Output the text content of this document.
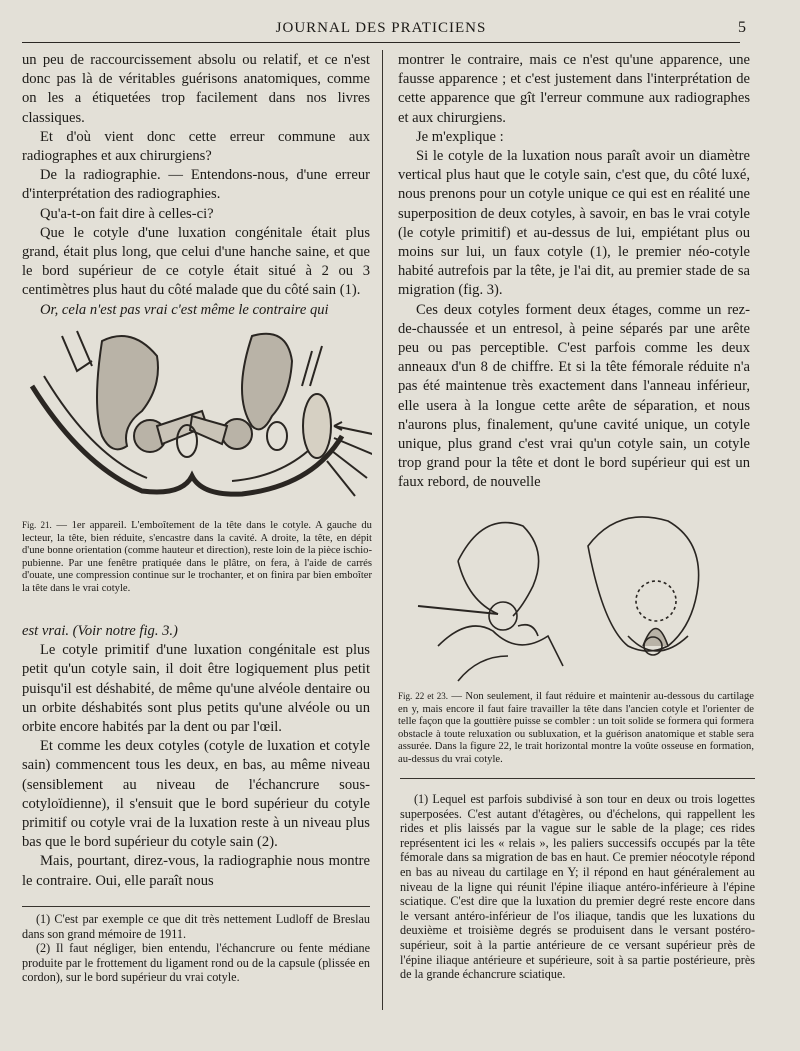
JOURNAL DES PRATICIENS	5

un peu de raccourcissement absolu ou relatif, et ce n'est donc pas là de véritables guérisons anatomiques, comme on les a étiquetées trop facilement dans nos livres classiques.

Et d'où vient donc cette erreur commune aux radiographes et aux chirurgiens?

De la radiographie. — Entendons-nous, d'une erreur d'interprétation des radiographies.

Qu'a-t-on fait dire à celles-ci?

Que le cotyle d'une luxation congénitale était plus grand, était plus long, que celui d'une hanche saine, et que le bord supérieur de ce cotyle était situé à 2 ou 3 centimètres plus haut du côté malade que du côté sain (1).

Or, cela n'est pas vrai c'est même le contraire qui

Fig. 21. — 1er appareil. L'emboîtement de la tête dans le cotyle. A gauche du lecteur, la tête, bien réduite, s'encastre dans la cavité. A droite, la tête, en dépit d'une bonne orientation (comme hauteur et direction), reste loin de la pièce ischio-pubienne. Par une fenêtre pratiquée dans le plâtre, on fera, à l'aide de carrés d'ouate, une compression continue sur le trochanter, et on finira par bien emboîter la tête dans le vrai cotyle.

est vrai. (Voir notre fig. 3.)

Le cotyle primitif d'une luxation congénitale est plus petit qu'un cotyle sain, il doit être logiquement plus petit puisqu'il est déshabité, de même qu'une alvéole dentaire ou un orbite déshabités sont plus petits qu'une alvéole ou un orbite encore habités par la dent ou par l'œil.

Et comme les deux cotyles (cotyle de luxation et cotyle sain) commencent tous les deux, en bas, au même niveau (sensiblement au niveau de l'échancrure sous-cotyloïdienne), il s'ensuit que le bord supérieur du cotyle primitif ou cotyle vrai de la luxation reste à un niveau plus bas que le bord supérieur du cotyle sain (2).

Mais, pourtant, direz-vous, la radiographie nous montre le contraire. Oui, elle paraît nous

(1) C'est par exemple ce que dit très nettement Ludloff de Breslau dans son grand mémoire de 1911.

(2) Il faut négliger, bien entendu, l'échancrure ou fente médiane produite par le frottement du ligament rond ou de la capsule (plissée en cordon), sur le bord supérieur du vrai cotyle.

montrer le contraire, mais ce n'est qu'une apparence, une fausse apparence ; et c'est justement dans l'interprétation de cette apparence que gît l'erreur commune aux radiographes et aux chirurgiens.

Je m'explique :

Si le cotyle de la luxation nous paraît avoir un diamètre vertical plus haut que le cotyle sain, c'est que, du côté luxé, nous prenons pour un cotyle unique ce qui est en réalité une superposition de deux cotyles, à savoir, en bas le vrai cotyle (le cotyle primitif) et au-dessus de lui, empiétant plus ou moins sur lui, un faux cotyle (1), le premier néo-cotyle habité autrefois par la tête, je l'ai dit, au premier stade de sa migration (fig. 3).

Ces deux cotyles forment deux étages, comme un rez-de-chaussée et un entresol, à peine séparés par une arête peu ou pas perceptible. C'est parfois comme les deux anneaux d'un 8 de chiffre. Et si la tête fémorale réduite n'a pas été maintenue très exactement dans l'anneau inférieur, elle usera à la longue cette arête de séparation, et nous n'aurons plus, finalement, qu'une cavité unique, un cotyle unique, plus grand c'est vrai qu'un cotyle sain, un cotyle trop grand pour la tête et dont le bord supérieur qui est un faux rebord, de nouvelle

Fig. 22 et 23. — Non seulement, il faut réduire et maintenir au-dessous du cartilage en y, mais encore il faut faire travailler la tête dans l'ancien cotyle et l'orienter de telle façon que la gouttière puisse se combler : un toit solide se formera qui formera obstacle à toute reluxation ou subluxation, et la guérison anatomique et stable sera assurée. Dans la figure 22, le trait horizontal montre la voûte osseuse en formation, au-dessus du vrai cotyle.

(1) Lequel est parfois subdivisé à son tour en deux ou trois logettes superposées. C'est autant d'étagères, ou d'échelons, qui rappellent les rides et plis laissés par la vague sur le sable de la plage; ces rides représentent ici les « relais », les paliers successifs occupés par la tête fémorale dans sa migration de bas en haut. Ce premier néocotyle répond en bas au niveau du cartilage en Y; il répond en haut généralement au niveau de la ligne qui réunit l'épine iliaque antéro-inférieure à l'épine sciatique. C'est dire que la luxation du premier degré reste encore dans le versant antéro-inférieur de l'os iliaque, tandis que les luxations du deuxième et troisième degrés se produisent dans le versant postéro-supérieur, soit à la partie antérieure de ce versant supérieur près de l'épine iliaque antérieure et supérieure, soit à sa partie postérieure, près de la grande échancrure sciatique.
